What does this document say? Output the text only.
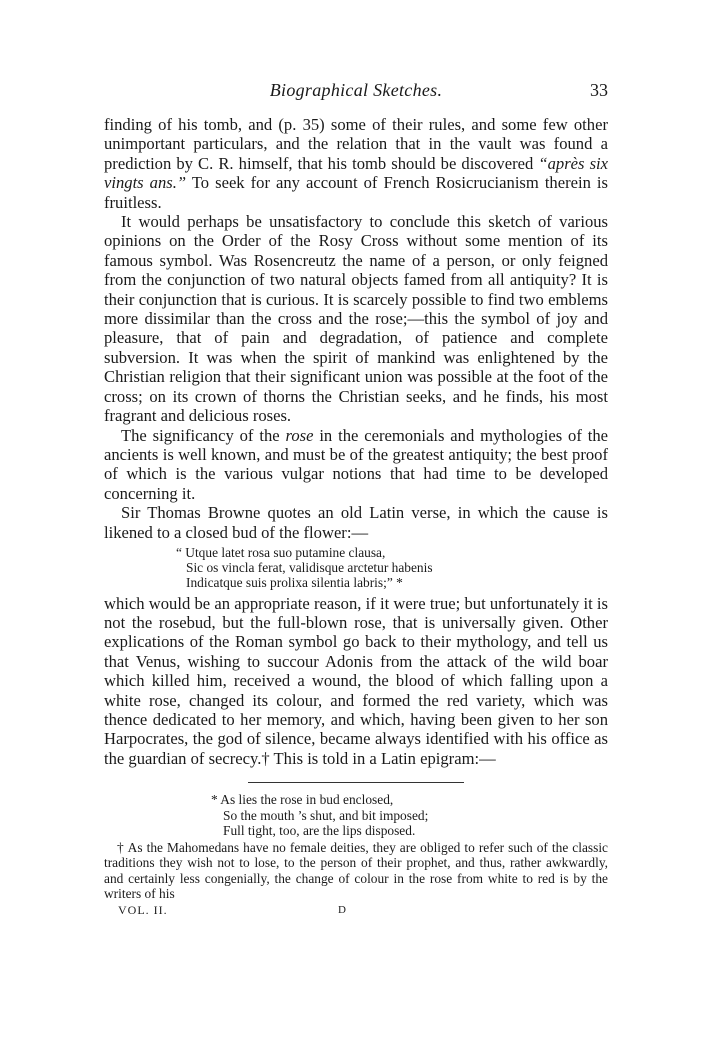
Biographical Sketches.	33

finding of his tomb, and (p. 35) some of their rules, and some few other unimportant particulars, and the relation that in the vault was found a prediction by C. R. himself, that his tomb should be discovered “après six vingts ans.” To seek for any account of French Rosicrucianism therein is fruitless.

It would perhaps be unsatisfactory to conclude this sketch of various opinions on the Order of the Rosy Cross without some mention of its famous symbol. Was Rosencreutz the name of a person, or only feigned from the conjunction of two natural objects famed from all antiquity? It is their conjunction that is curious. It is scarcely possible to find two emblems more dissimilar than the cross and the rose;—this the symbol of joy and pleasure, that of pain and degradation, of patience and complete subversion. It was when the spirit of mankind was enlightened by the Christian religion that their significant union was possible at the foot of the cross; on its crown of thorns the Christian seeks, and he finds, his most fragrant and delicious roses.

The significancy of the rose in the ceremonials and mythologies of the ancients is well known, and must be of the greatest antiquity; the best proof of which is the various vulgar notions that had time to be developed concerning it.

Sir Thomas Browne quotes an old Latin verse, in which the cause is likened to a closed bud of the flower:—

“ Utque latet rosa suo putamine clausa,
Sic os vincla ferat, validisque arctetur habenis
Indicatque suis prolixa silentia labris;” *

which would be an appropriate reason, if it were true; but unfortunately it is not the rosebud, but the full-blown rose, that is universally given. Other explications of the Roman symbol go back to their mythology, and tell us that Venus, wishing to succour Adonis from the attack of the wild boar which killed him, received a wound, the blood of which falling upon a white rose, changed its colour, and formed the red variety, which was thence dedicated to her memory, and which, having been given to her son Harpocrates, the god of silence, became always identified with his office as the guardian of secrecy.† This is told in a Latin epigram:—

* As lies the rose in bud enclosed,
So the mouth ’s shut, and bit imposed;
Full tight, too, are the lips disposed.
† As the Mahomedans have no female deities, they are obliged to refer such of the classic traditions they wish not to lose, to the person of their prophet, and thus, rather awkwardly, and certainly less congenially, the change of colour in the rose from white to red is by the writers of his
VOL. II.	D
